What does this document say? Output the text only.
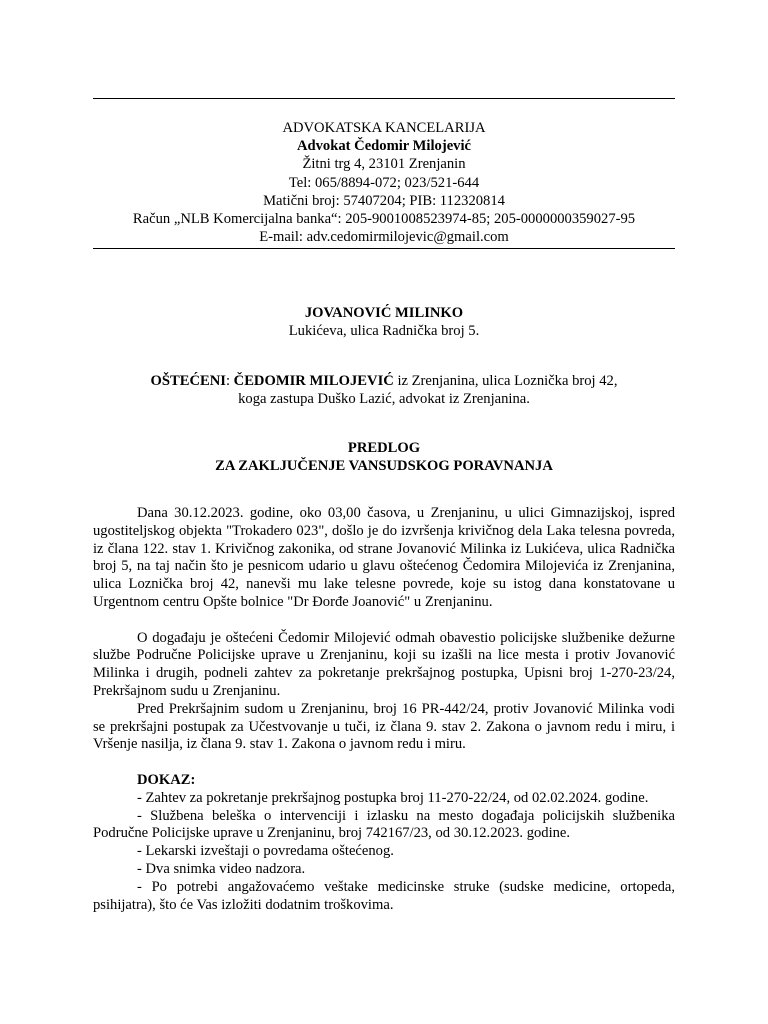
ADVOKATSKA KANCELARIJA
Advokat Čedomir Milojević
Žitni trg 4, 23101 Zrenjanin
Tel: 065/8894-072; 023/521-644
Matični broj: 57407204; PIB: 112320814
Račun „NLB Komercijalna banka“: 205-9001008523974-85; 205-0000000359027-95
E-mail: adv.cedomirmilojevic@gmail.com
JOVANOVIĆ MILINKO
Lukićeva, ulica Radnička broj 5.
OŠTEĆENI: ČEDOMIR MILOJEVIĆ iz Zrenjanina, ulica Loznička broj 42,
koga zastupa Duško Lazić, advokat iz Zrenjanina.
PREDLOG
ZA ZAKLJUČENJE VANSUDSKOG PORAVNANJA

Dana 30.12.2023. godine, oko 03,00 časova, u Zrenjaninu, u ulici Gimnazijskoj, ispred ugostiteljskog objekta "Trokadero 023", došlo je do izvršenja krivičnog dela Laka telesna povreda, iz člana 122. stav 1. Krivičnog zakonika, od strane Jovanović Milinka iz Lukićeva, ulica Radnička broj 5, na taj način što je pesnicom udario u glavu oštećenog Čedomira Milojevića iz Zrenjanina, ulica Loznička broj 42, nanevši mu lake telesne povrede, koje su istog dana konstatovane u Urgentnom centru Opšte bolnice "Dr Đorđe Joanović" u Zrenjaninu.

O događaju je oštećeni Čedomir Milojević odmah obavestio policijske službenike dežurne službe Područne Policijske uprave u Zrenjaninu, koji su izašli na lice mesta i protiv Jovanović Milinka i drugih, podneli zahtev za pokretanje prekršajnog postupka, Upisni broj 1-270-23/24, Prekršajnom sudu u Zrenjaninu.

Pred Prekršajnim sudom u Zrenjaninu, broj 16 PR-442/24, protiv Jovanović Milinka vodi se prekršajni postupak za Učestvovanje u tuči, iz člana 9. stav 2. Zakona o javnom redu i miru, i Vršenje nasilja, iz člana 9. stav 1. Zakona o javnom redu i miru.

DOKAZ:

- Zahtev za pokretanje prekršajnog postupka broj 11-270-22/24, od 02.02.2024. godine.

- Službena beleška o intervenciji i izlasku na mesto događaja policijskih službenika Područne Policijske uprave u Zrenjaninu, broj 742167/23, od 30.12.2023. godine.

- Lekarski izveštaji o povredama oštećenog.

- Dva snimka video nadzora.

- Po potrebi angažovaćemo veštake medicinske struke (sudske medicine, ortopeda, psihijatra), što će Vas izložiti dodatnim troškovima.
